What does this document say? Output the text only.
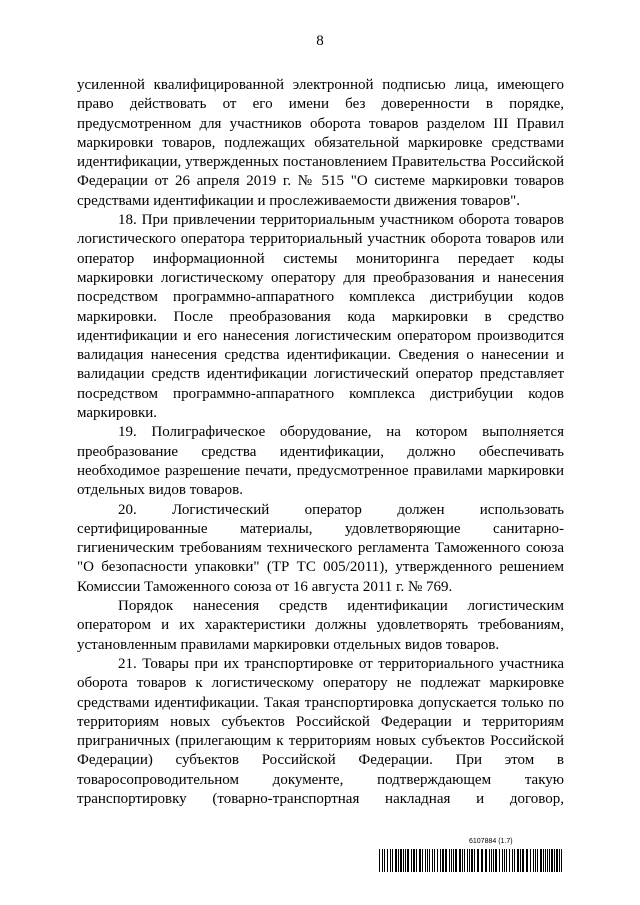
8

усиленной квалифицированной электронной подписью лица, имеющего право действовать от его имени без доверенности в порядке, предусмотренном для участников оборота товаров разделом III Правил маркировки товаров, подлежащих обязательной маркировке средствами идентификации, утвержденных постановлением Правительства Российской Федерации от 26 апреля 2019 г. № 515 "О системе маркировки товаров средствами идентификации и прослеживаемости движения товаров".

18. При привлечении территориальным участником оборота товаров логистического оператора территориальный участник оборота товаров или оператор информационной системы мониторинга передает коды маркировки логистическому оператору для преобразования и нанесения посредством программно-аппаратного комплекса дистрибуции кодов маркировки. После преобразования кода маркировки в средство идентификации и его нанесения логистическим оператором производится валидация нанесения средства идентификации. Сведения о нанесении и валидации средств идентификации логистический оператор представляет посредством программно-аппаратного комплекса дистрибуции кодов маркировки.

19. Полиграфическое оборудование, на котором выполняется преобразование средства идентификации, должно обеспечивать необходимое разрешение печати, предусмотренное правилами маркировки отдельных видов товаров.

20. Логистический оператор должен использовать сертифицированные материалы, удовлетворяющие санитарно-гигиеническим требованиям технического регламента Таможенного союза "О безопасности упаковки" (ТР ТС 005/2011), утвержденного решением Комиссии Таможенного союза от 16 августа 2011 г. № 769.

Порядок нанесения средств идентификации логистическим оператором и их характеристики должны удовлетворять требованиям, установленным правилами маркировки отдельных видов товаров.

21. Товары при их транспортировке от территориального участника оборота товаров к логистическому оператору не подлежат маркировке средствами идентификации. Такая транспортировка допускается только по территориям новых субъектов Российской Федерации и территориям приграничных (прилегающим к территориям новых субъектов Российской Федерации) субъектов Российской Федерации. При этом в товаросопроводительном документе, подтверждающем такую транспортировку (товарно-транспортная накладная и договор,

6107884 (1.7)
